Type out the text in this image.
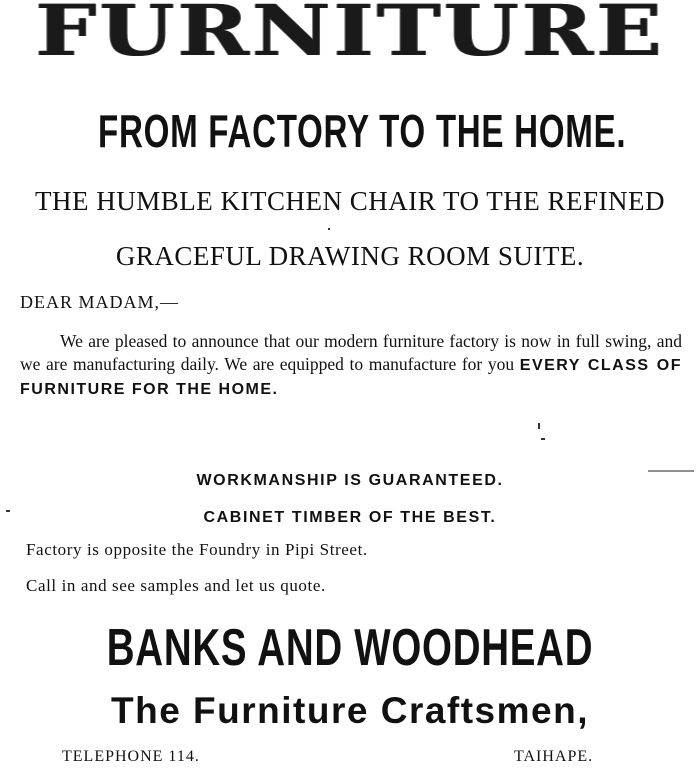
FURNITURE
FROM FACTORY TO THE HOME.
THE HUMBLE KITCHEN CHAIR TO THE REFINED
GRACEFUL DRAWING ROOM SUITE.
DEAR MADAM,—

We are pleased to announce that our modern furniture factory is now in full swing, and we are manufacturing daily. We are equipped to manufacture for you EVERY CLASS OF FURNITURE FOR THE HOME.

WORKMANSHIP IS GUARANTEED.
CABINET TIMBER OF THE BEST.
Factory is opposite the Foundry in Pipi Street.
Call in and see samples and let us quote.
BANKS AND WOODHEAD
The Furniture Craftsmen,
TELEPHONE 114.	TAIHAPE.
